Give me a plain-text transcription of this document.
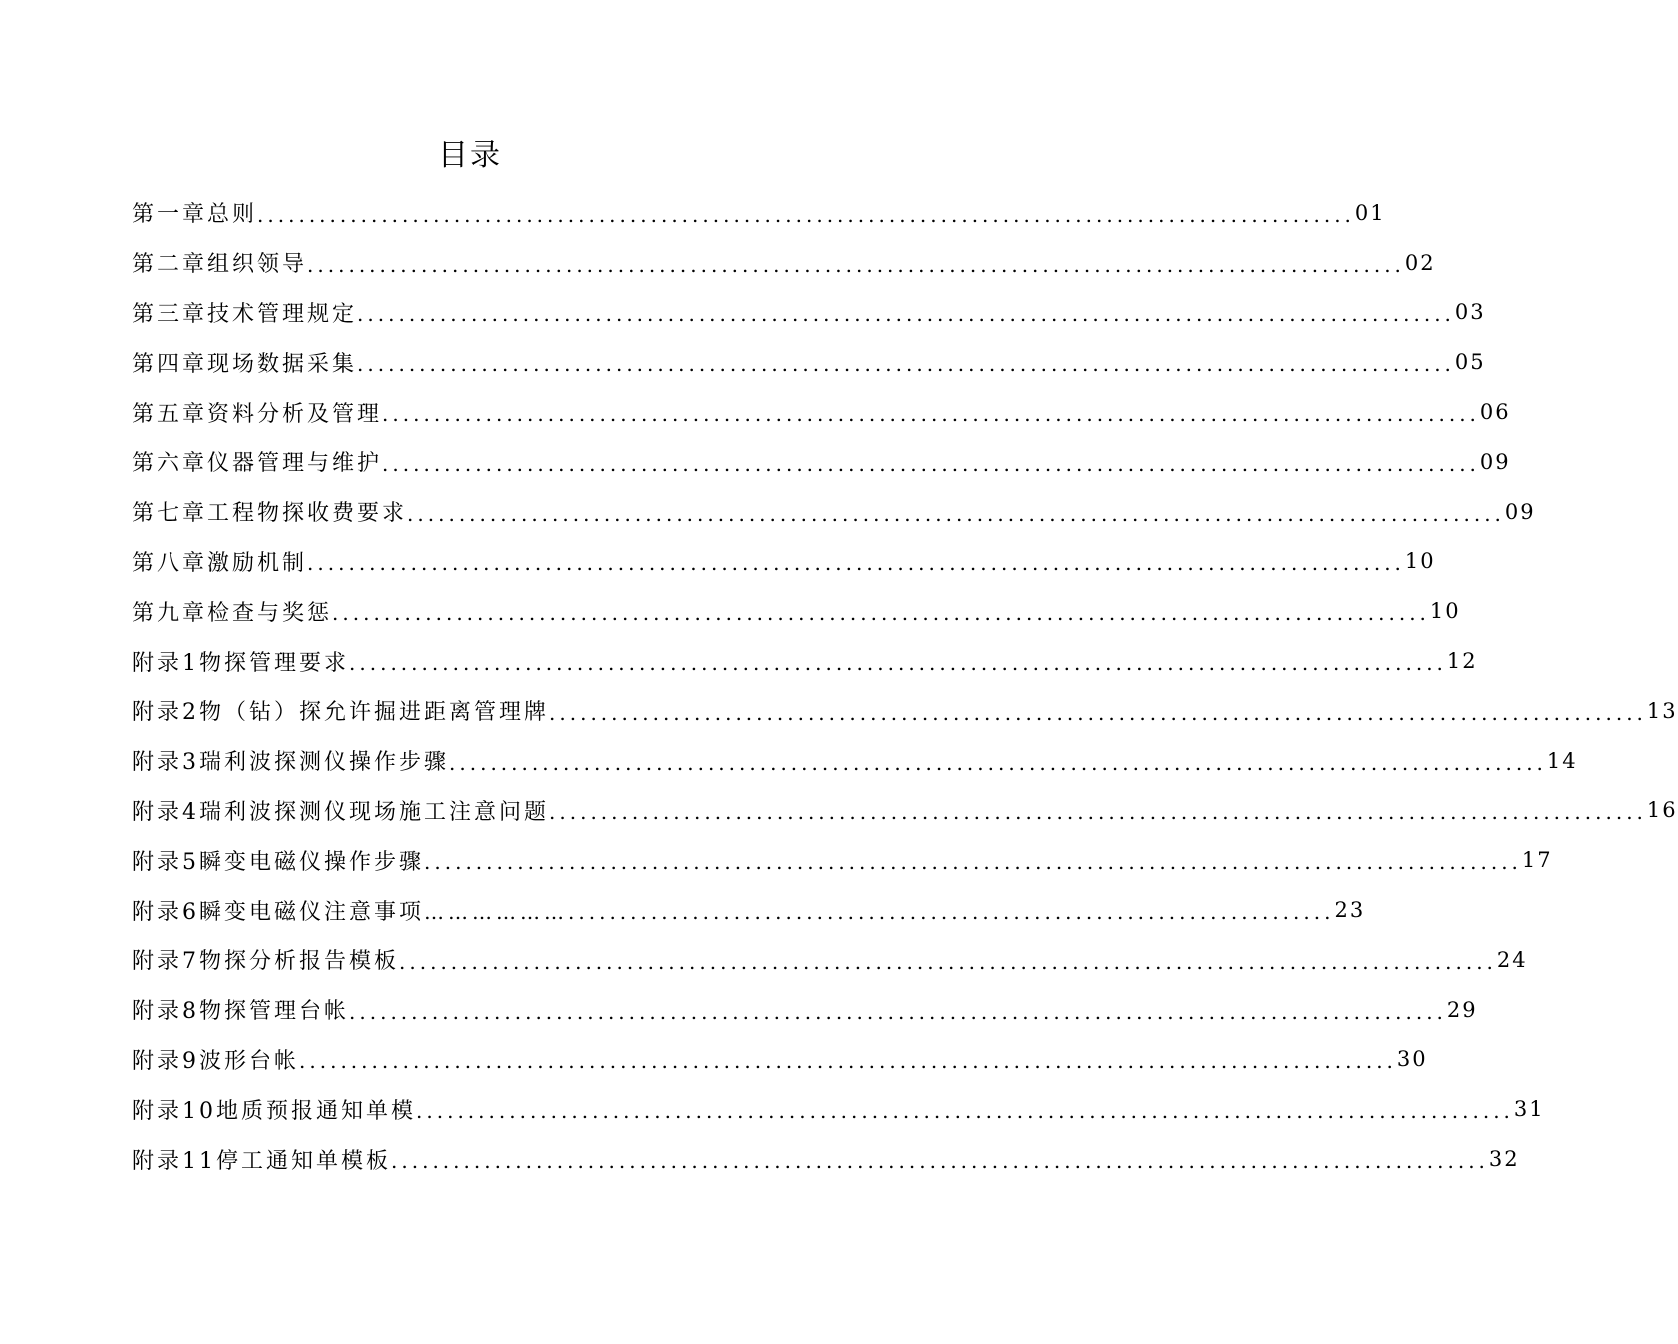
目录
第一章 总则 .......................................................................................................... 01
第二章 组织领导 .......................................................................................................... 02
第三章 技术管理规定 .......................................................................................................... 03
第四章 现场数据采集 .......................................................................................................... 05
第五章 资料分析及管理 .......................................................................................................... 06
第六章 仪器管理与维护 .......................................................................................................... 09
第七章 工程物探收费要求 .......................................................................................................... 09
第八章 激励机制 .......................................................................................................... 10
第九章 检查与奖惩 .......................................................................................................... 10
附录1 物探管理要求 .......................................................................................................... 12
附录2 物（钻）探允许掘进距离管理牌 .......................................................................................................... 13
附录3 瑞利波探测仪操作步骤 .......................................................................................................... 14
附录4 瑞利波探测仪现场施工注意问题 .......................................................................................................... 16
附录5 瞬变电磁仪操作步骤 .......................................................................................................... 17
附录6 瞬变电磁仪注意事项 ……………….......................................................................... 23
附录7 物探分析报告模板 .......................................................................................................... 24
附录8 物探管理台帐 .......................................................................................................... 29
附录9 波形台帐 .......................................................................................................... 30
附录10 地质预报通知单模 .......................................................................................................... 31
附录11 停工通知单模板 .......................................................................................................... 32
